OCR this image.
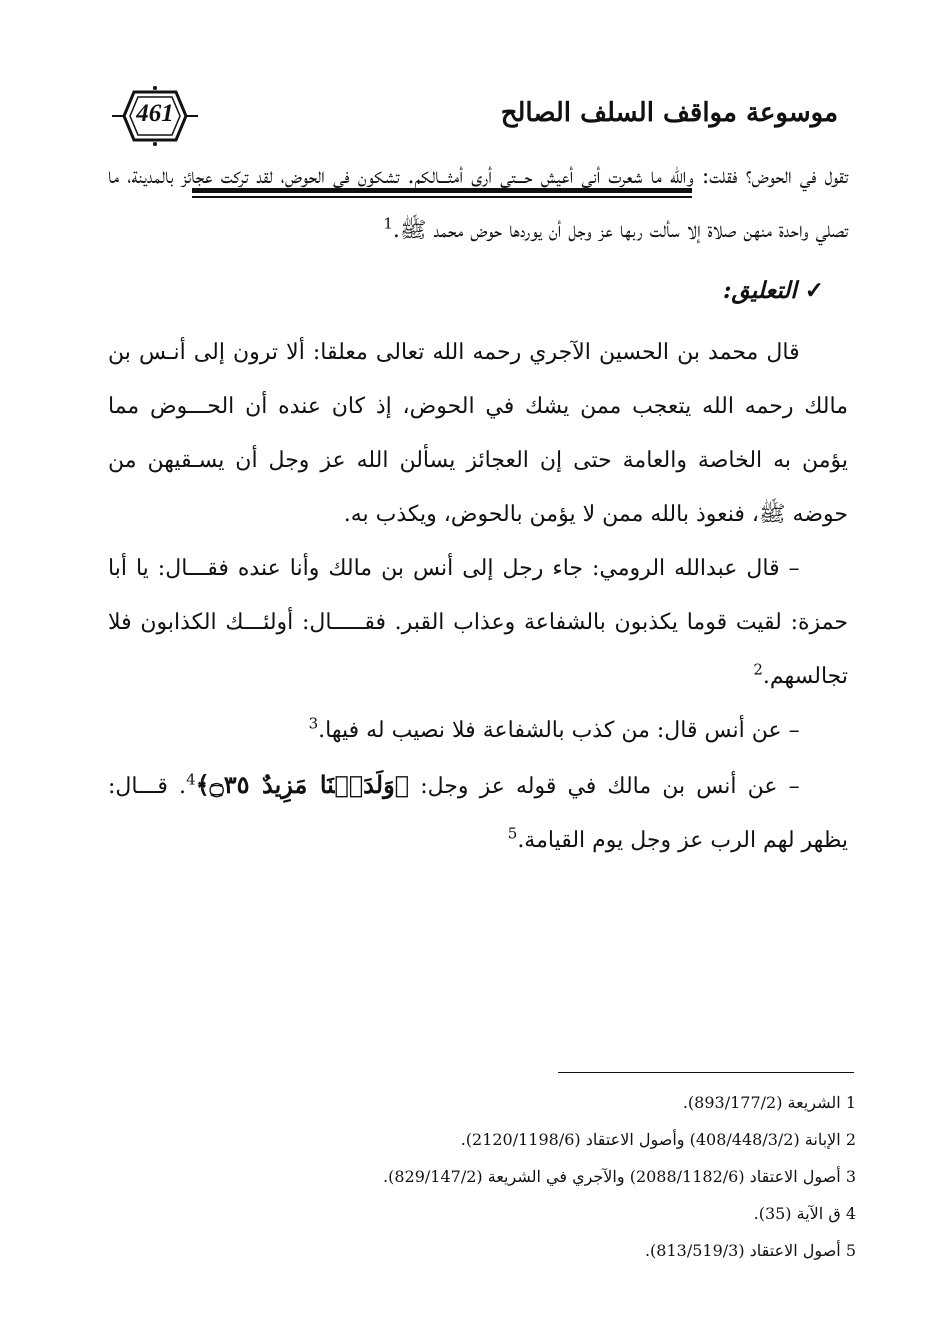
461	موسوعة مواقف السلف الصالح

تقول في الحوض؟ فقلت: والله ما شعرت أني أعيش حـــتى أرى أمثـــالكم. تشكون في الحوض، لقد تركت عجائز بالمدينة، ما تصلي واحدة منهن صلاة إلا سألت ربها عز وجل أن يوردها حوض محمد ﷺ.$^1$

✓التعليق:

قال محمد بن الحسين الآجري رحمه الله تعالى معلقا: ألا ترون إلى أنـس بن مالك رحمه الله يتعجب ممن يشك في الحوض، إذ كان عنده أن الحـــوض مما يؤمن به الخاصة والعامة حتى إن العجائز يسألن الله عز وجل أن يسـقيهن من حوضه ﷺ، فنعوذ بالله ممن لا يؤمن بالحوض، ويكذب به.

– قال عبدالله الرومي: جاء رجل إلى أنس بن مالك وأنا عنده فقـــال: يا أبا حمزة: لقيت قوما يكذبون بالشفاعة وعذاب القبر. فقـــــال: أولئـــك الكذابون فلا تجالسهم.$^2$

– عن أنس قال: من كذب بالشفاعة فلا نصيب له فيها.$^3$

– عن أنس بن مالك في قوله عز وجل: ﴿وَلَدَيۡنَا مَزِيدٌ ۝٣٥﴾$^4$. قـــال: يظهر لهم الرب عز وجل يوم القيامة.$^5$

1 الشريعة (893/177/2).
2 الإبانة (408/448/3/2) وأصول الاعتقاد (2120/1198/6).
3 أصول الاعتقاد (2088/1182/6) والآجري في الشريعة (829/147/2).
4 ق الآية (35).
5 أصول الاعتقاد (813/519/3).
